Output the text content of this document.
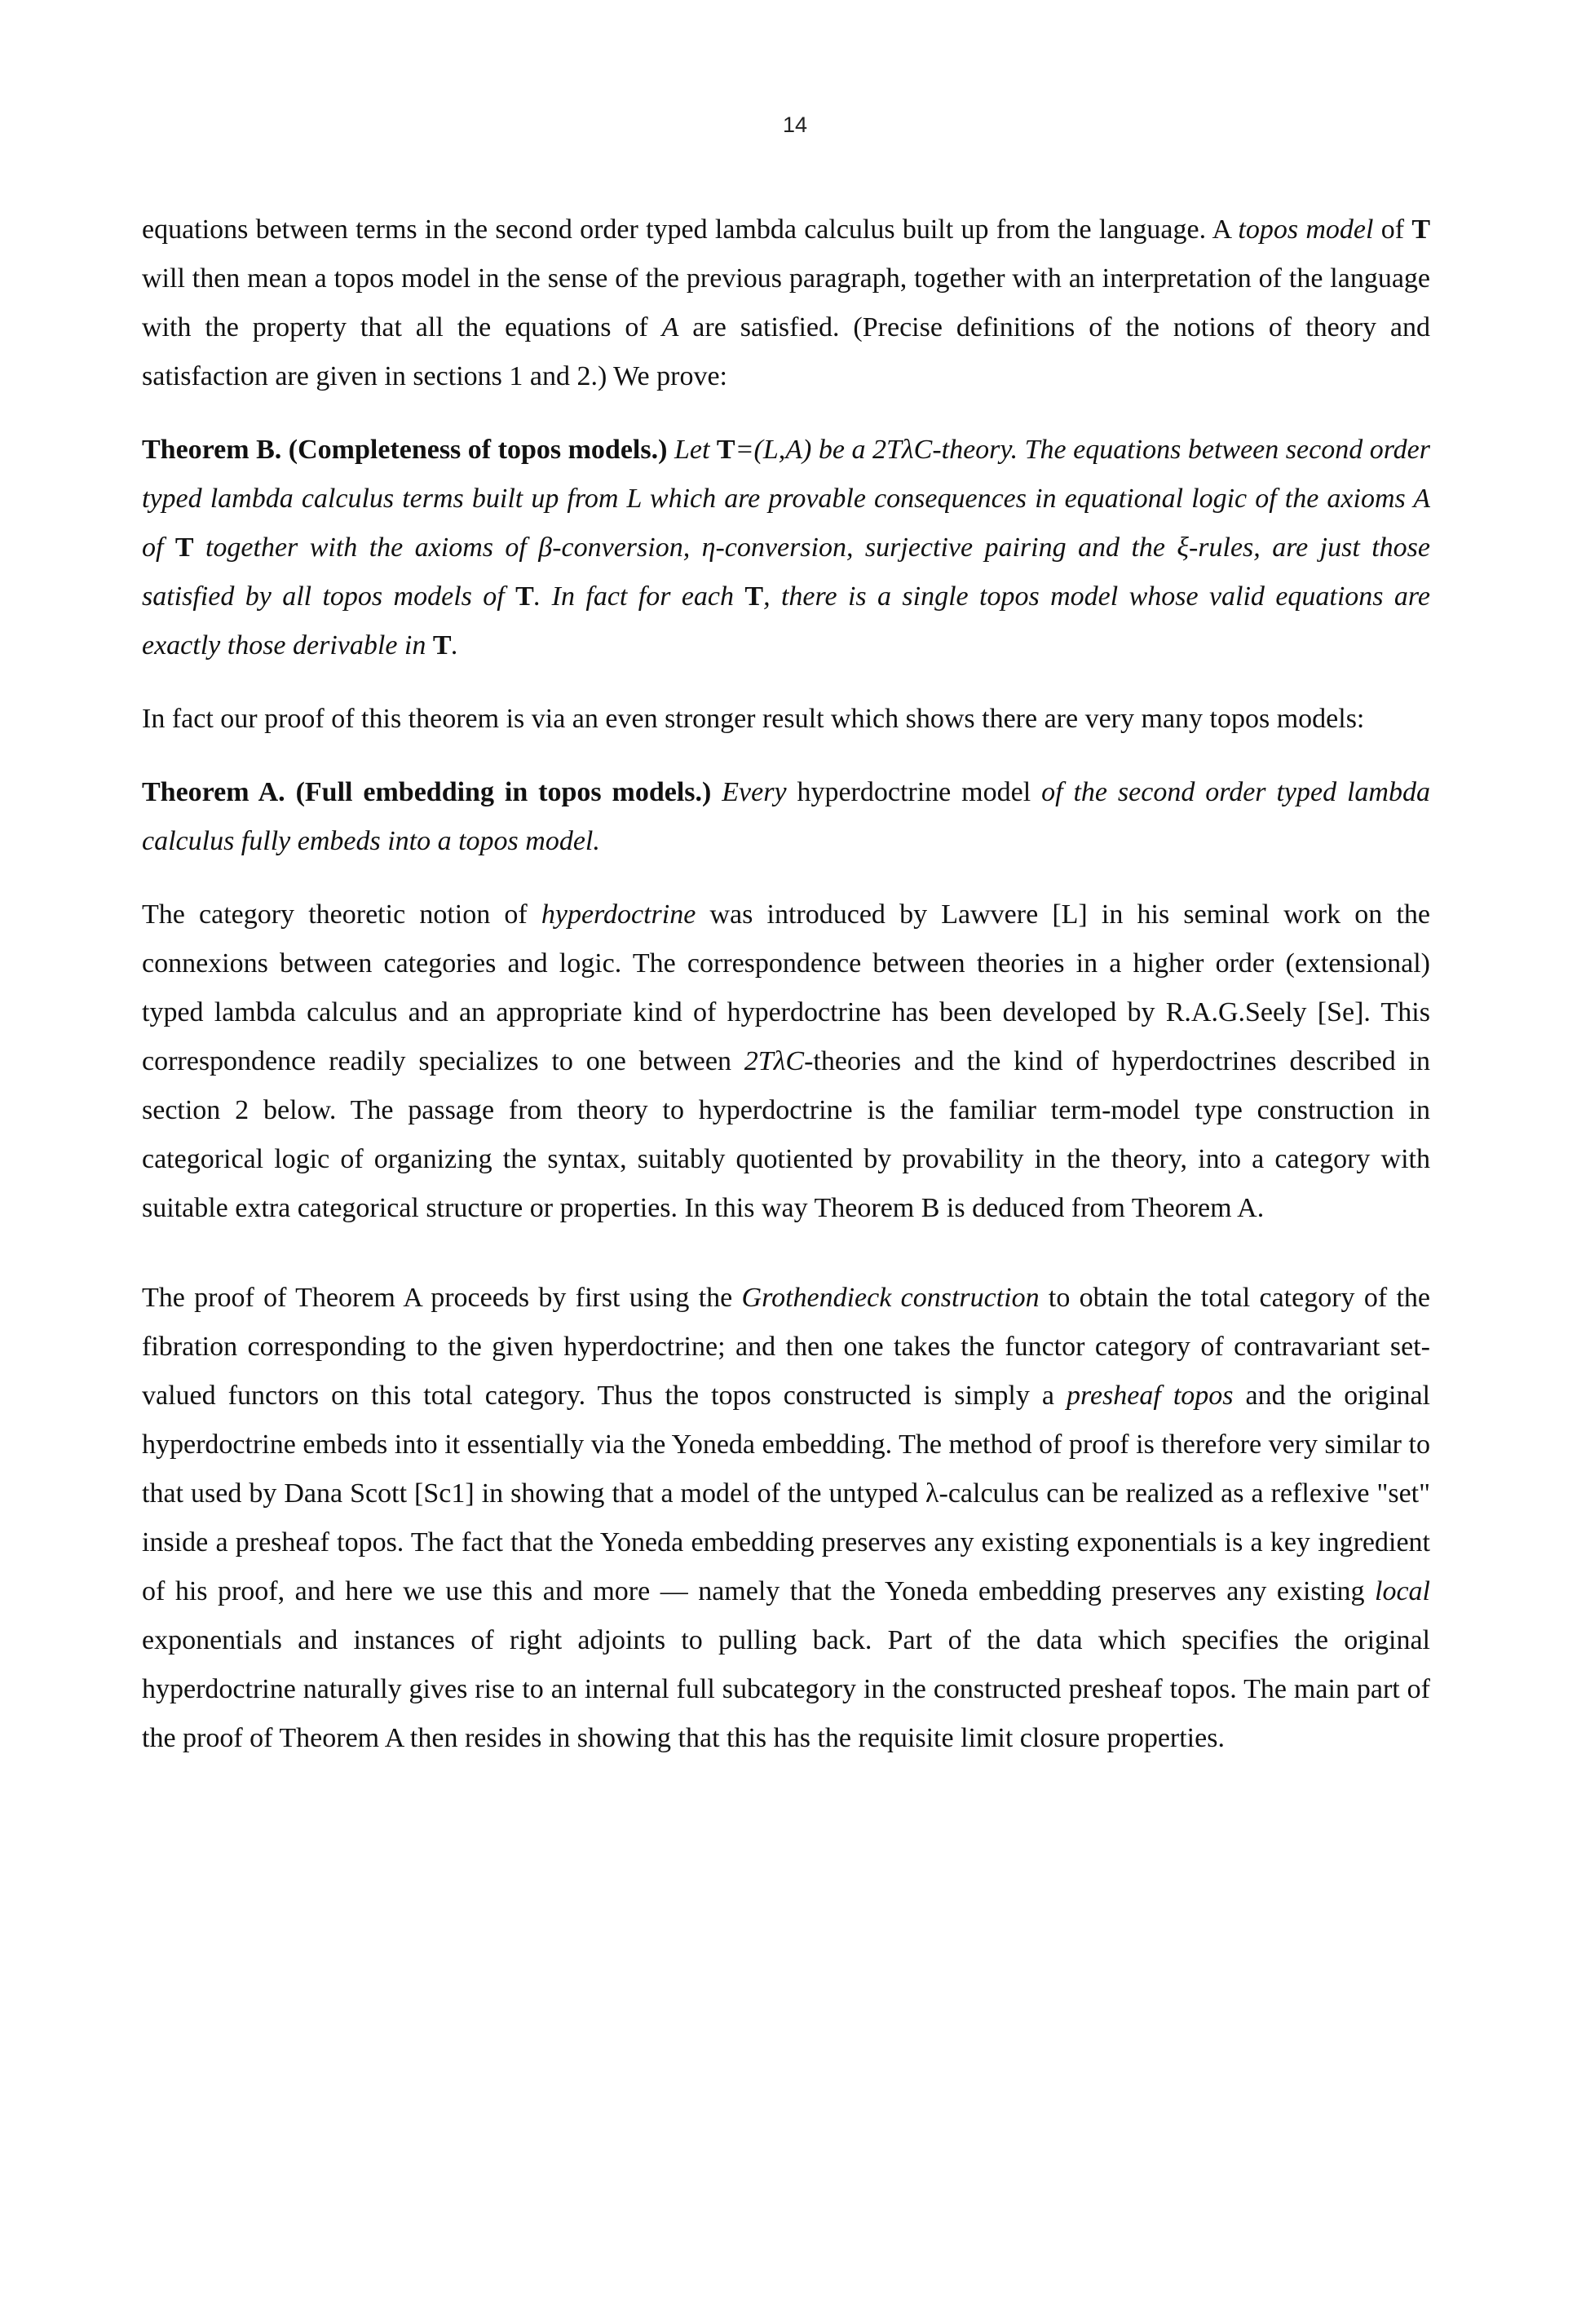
14

equations between terms in the second order typed lambda calculus built up from the language. A topos model of T will then mean a topos model in the sense of the previous paragraph, together with an interpretation of the language with the property that all the equations of A are satisfied. (Precise definitions of the notions of theory and satisfaction are given in sections 1 and 2.) We prove:

Theorem B. (Completeness of topos models.) Let T=(L,A) be a 2TλC-theory. The equations between second order typed lambda calculus terms built up from L which are provable consequences in equational logic of the axioms A of T together with the axioms of β-conversion, η-conversion, surjective pairing and the ξ-rules, are just those satisfied by all topos models of T. In fact for each T, there is a single topos model whose valid equations are exactly those derivable in T.

In fact our proof of this theorem is via an even stronger result which shows there are very many topos models:

Theorem A. (Full embedding in topos models.) Every hyperdoctrine model of the second order typed lambda calculus fully embeds into a topos model.

The category theoretic notion of hyperdoctrine was introduced by Lawvere [L] in his seminal work on the connexions between categories and logic. The correspondence between theories in a higher order (extensional) typed lambda calculus and an appropriate kind of hyperdoctrine has been developed by R.A.G.Seely [Se]. This correspondence readily specializes to one between 2TλC-theories and the kind of hyperdoctrines described in section 2 below. The passage from theory to hyperdoctrine is the familiar term-model type construction in categorical logic of organizing the syntax, suitably quotiented by provability in the theory, into a category with suitable extra categorical structure or properties. In this way Theorem B is deduced from Theorem A.

The proof of Theorem A proceeds by first using the Grothendieck construction to obtain the total category of the fibration corresponding to the given hyperdoctrine; and then one takes the functor category of contravariant set-valued functors on this total category. Thus the topos constructed is simply a presheaf topos and the original hyperdoctrine embeds into it essentially via the Yoneda embedding. The method of proof is therefore very similar to that used by Dana Scott [Sc1] in showing that a model of the untyped λ-calculus can be realized as a reflexive "set" inside a presheaf topos. The fact that the Yoneda embedding preserves any existing exponentials is a key ingredient of his proof, and here we use this and more — namely that the Yoneda embedding preserves any existing local exponentials and instances of right adjoints to pulling back. Part of the data which specifies the original hyperdoctrine naturally gives rise to an internal full subcategory in the constructed presheaf topos. The main part of the proof of Theorem A then resides in showing that this has the requisite limit closure properties.
